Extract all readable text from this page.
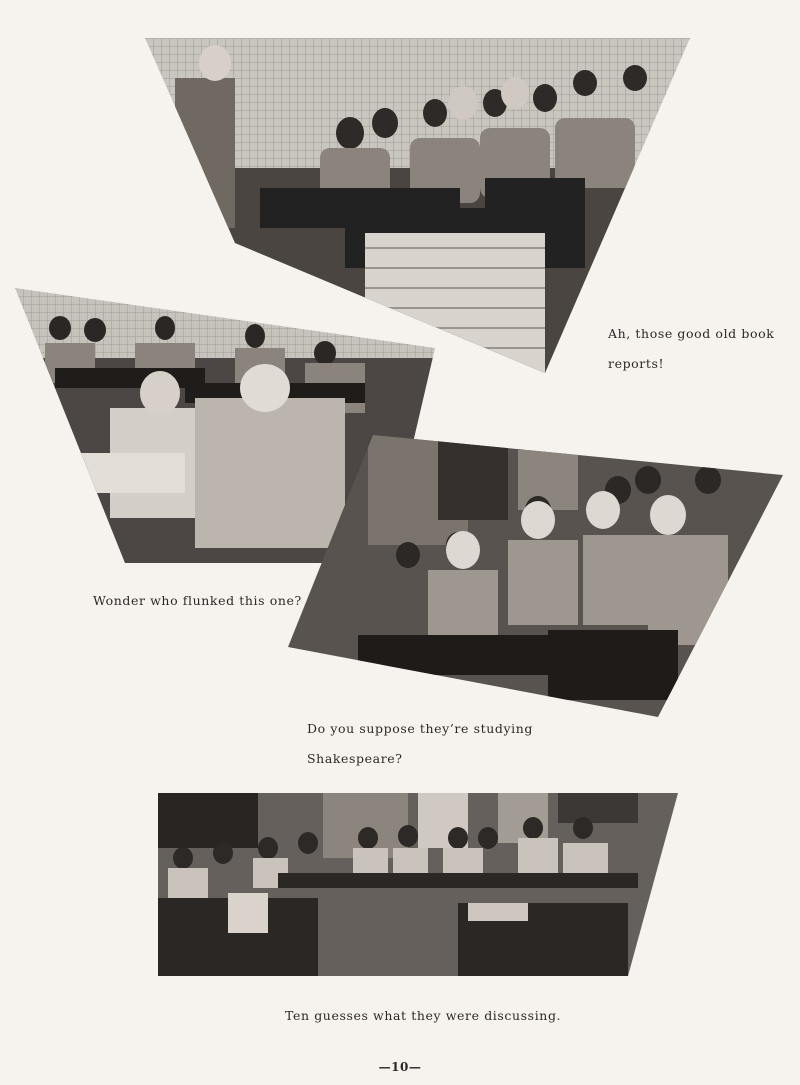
Ah, those good old book

reports!

Wonder who flunked this one?

Do you suppose they’re studying

Shakespeare?

Ten guesses what they were discussing.

—10—
